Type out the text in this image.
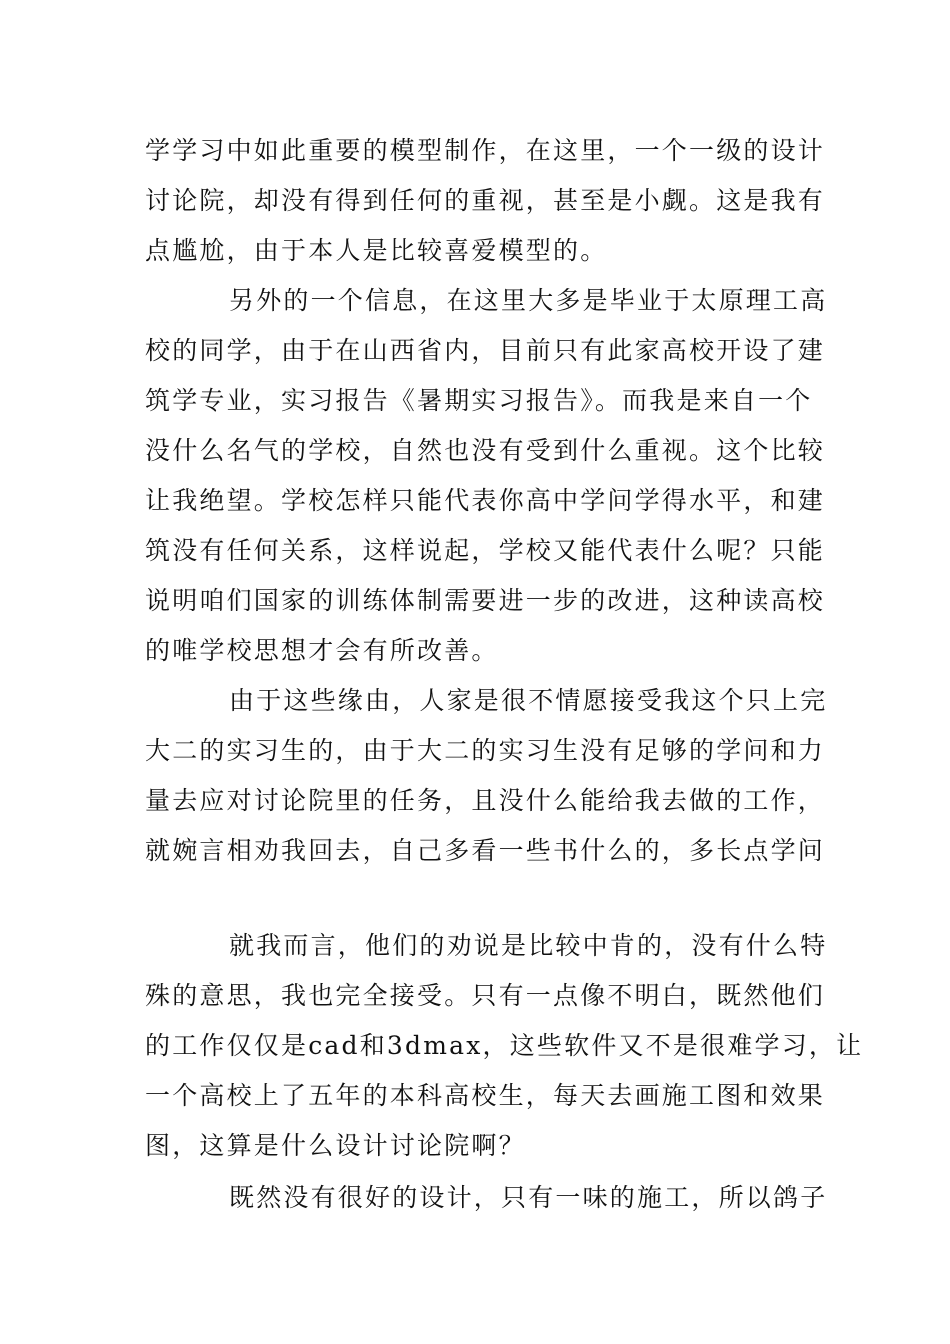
学学习中如此重要的模型制作，在这里，一个一级的设计
讨论院，却没有得到任何的重视，甚至是小觑。这是我有
点尴尬，由于本人是比较喜爱模型的。
另外的一个信息，在这里大多是毕业于太原理工高
校的同学，由于在山西省内，目前只有此家高校开设了建
筑学专业，实习报告《暑期实习报告》。而我是来自一个
没什么名气的学校，自然也没有受到什么重视。这个比较
让我绝望。学校怎样只能代表你高中学问学得水平，和建
筑没有任何关系，这样说起，学校又能代表什么呢？只能
说明咱们国家的训练体制需要进一步的改进，这种读高校
的唯学校思想才会有所改善。
由于这些缘由，人家是很不情愿接受我这个只上完
大二的实习生的，由于大二的实习生没有足够的学问和力
量去应对讨论院里的任务，且没什么能给我去做的工作，
就婉言相劝我回去，自己多看一些书什么的，多长点学问
就我而言，他们的劝说是比较中肯的，没有什么特
殊的意思，我也完全接受。只有一点像不明白，既然他们
的工作仅仅是cad和3dmax，这些软件又不是很难学习，让
一个高校上了五年的本科高校生，每天去画施工图和效果
图，这算是什么设计讨论院啊？
既然没有很好的设计，只有一味的施工，所以鸽子
